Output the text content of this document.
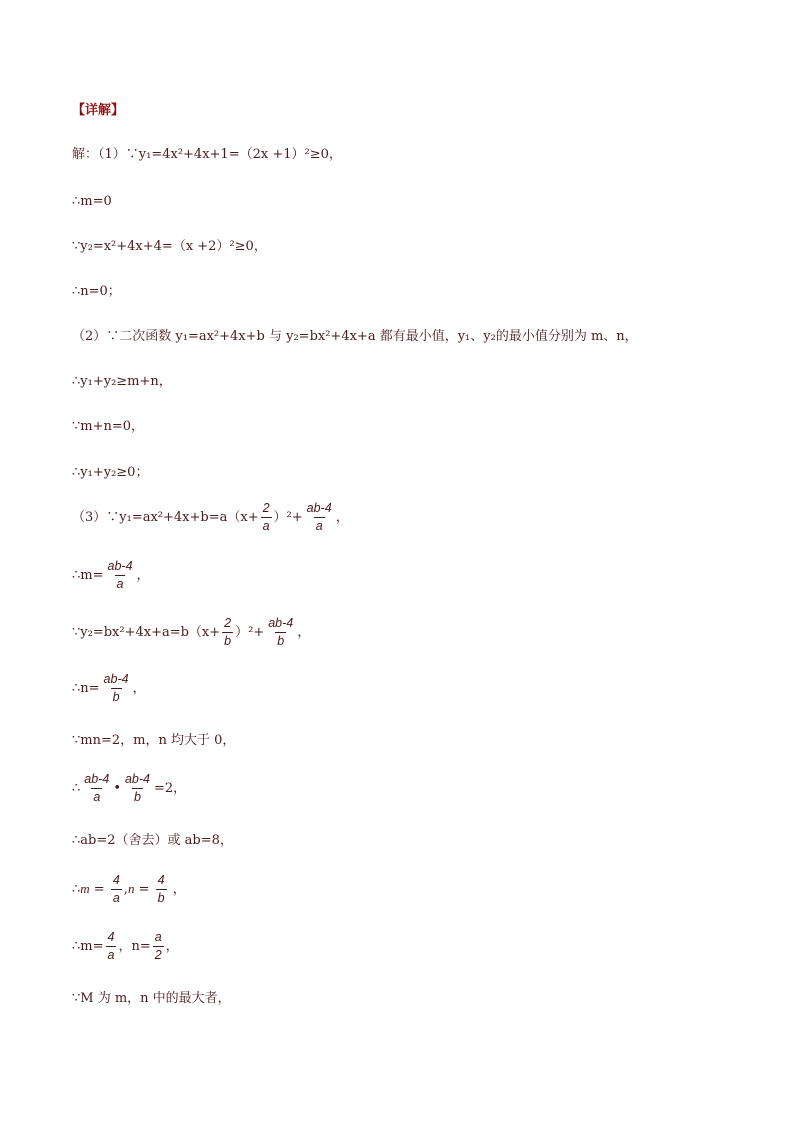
【详解】
解：（1）∵y₁=4x²+4x+1=（2x +1）²≥0，
∴m=0
∵y₂=x²+4x+4=（x +2）²≥0，
∴n=0；
（2）∵二次函数 y₁=ax²+4x+b 与 y₂=bx²+4x+a 都有最小值，y₁、y₂的最小值分别为 m、n，
∴y₁+y₂≥m+n，
∵m+n=0，
∴y₁+y₂≥0；
（3）∵y₁=ax²+4x+b=a（x+ $\frac{2}{a} )^2+ \frac{ab-4}{a}$ ，
∴m= $\frac{ab-4}{a}$ ，
∵y₂=bx²+4x+a=b（x+ $\frac{2}{b} )^2+ \frac{ab-4}{b}$ ，
∴n= $\frac{ab-4}{b}$ ，
∵mn=2，m，n 均大于 0，
∴ $\frac{ab-4}{a}$ • $\frac{ab-4}{b} =2$，
∴ab=2（舍去）或 ab=8，
∴m = $\frac{4}{a} ,n = \frac{4}{b}$ ，
∴m= $\frac{4}{a}$ ，$n= \frac{a}{2}$ ，
∵M 为 m，n 中的最大者，
